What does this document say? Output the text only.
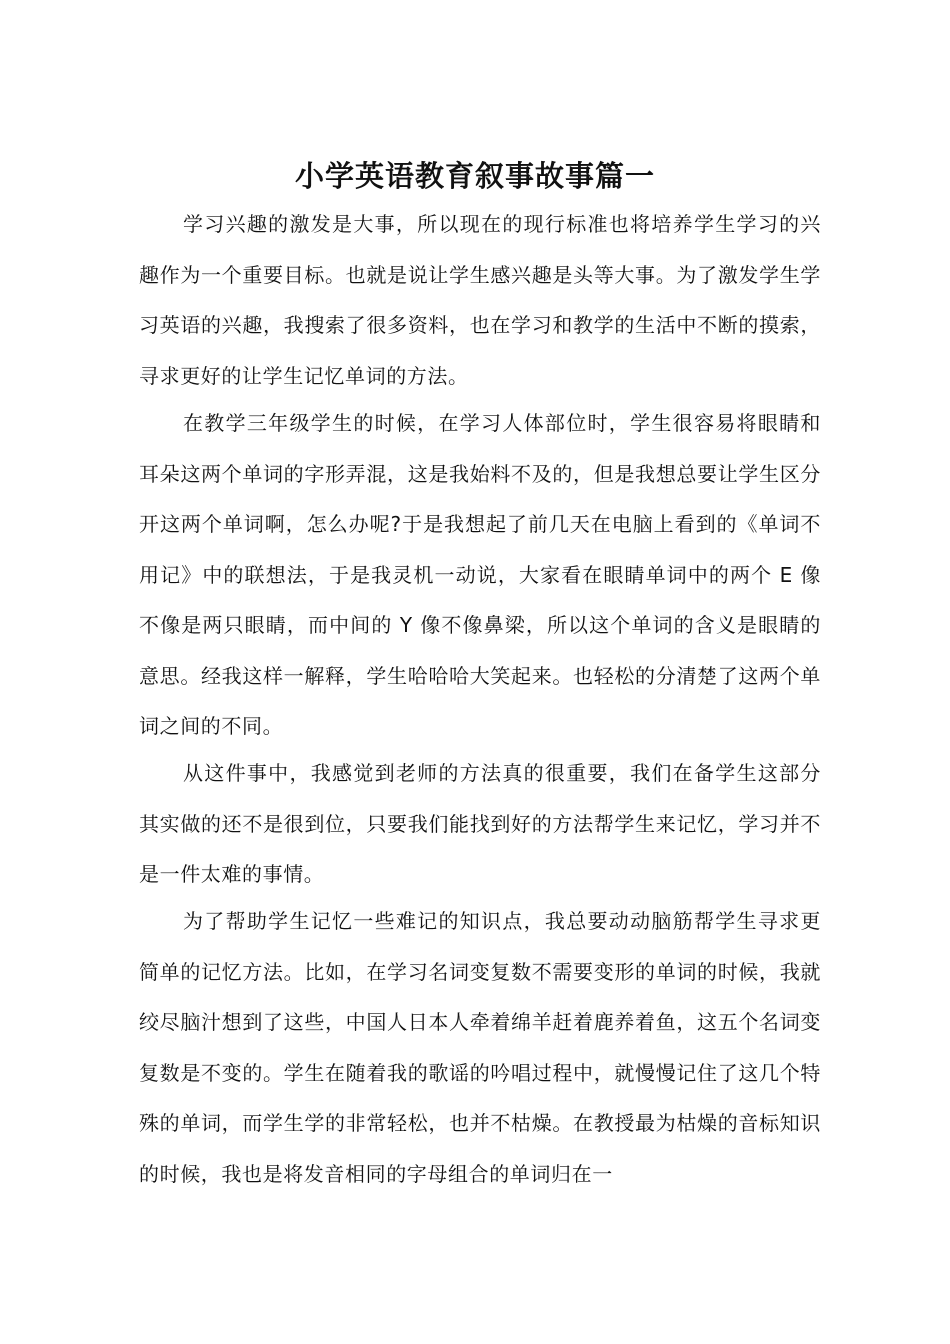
小学英语教育叙事故事篇一

学习兴趣的激发是大事，所以现在的现行标准也将培养学生学习的兴趣作为一个重要目标。也就是说让学生感兴趣是头等大事。为了激发学生学习英语的兴趣，我搜索了很多资料，也在学习和教学的生活中不断的摸索，寻求更好的让学生记忆单词的方法。

在教学三年级学生的时候，在学习人体部位时，学生很容易将眼睛和耳朵这两个单词的字形弄混，这是我始料不及的，但是我想总要让学生区分开这两个单词啊，怎么办呢?于是我想起了前几天在电脑上看到的《单词不用记》中的联想法，于是我灵机一动说，大家看在眼睛单词中的两个 E 像不像是两只眼睛，而中间的 Y 像不像鼻梁，所以这个单词的含义是眼睛的意思。经我这样一解释，学生哈哈哈大笑起来。也轻松的分清楚了这两个单词之间的不同。

从这件事中，我感觉到老师的方法真的很重要，我们在备学生这部分其实做的还不是很到位，只要我们能找到好的方法帮学生来记忆，学习并不是一件太难的事情。

为了帮助学生记忆一些难记的知识点，我总要动动脑筋帮学生寻求更简单的记忆方法。比如，在学习名词变复数不需要变形的单词的时候，我就绞尽脑汁想到了这些，中国人日本人牵着绵羊赶着鹿养着鱼，这五个名词变复数是不变的。学生在随着我的歌谣的吟唱过程中，就慢慢记住了这几个特殊的单词，而学生学的非常轻松，也并不枯燥。在教授最为枯燥的音标知识的时候，我也是将发音相同的字母组合的单词归在一
